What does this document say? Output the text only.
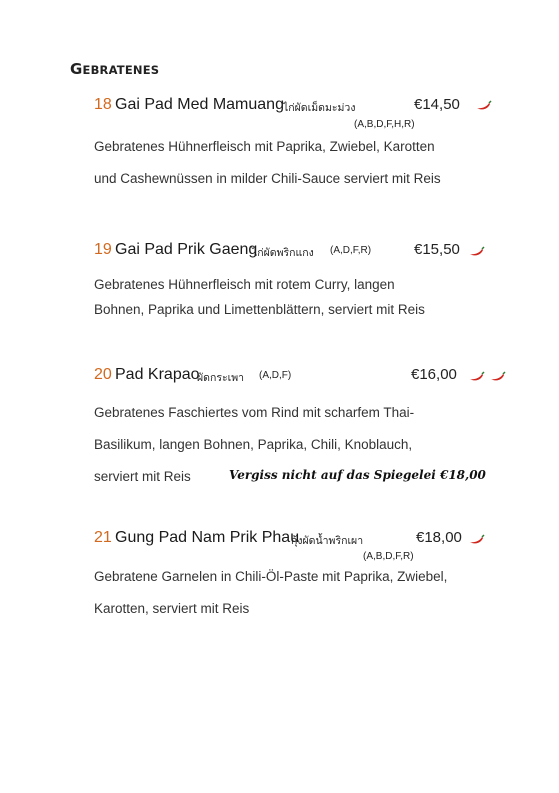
GEBRATENES
18 Gai Pad Med Mamuang ไก่ผัดเม็ดมะม่วง	€14,50
(A,B,D,F,H,R)
Gebratenes Hühnerfleisch mit Paprika, Zwiebel, Karotten
und Cashewnüssen in milder Chili-Sauce serviert mit Reis
19 Gai Pad Prik Gaeng
ไก่ผัดพริกแกง (A,D,F,R)	€15,50
Gebratenes Hühnerfleisch mit rotem Curry, langen
Bohnen, Paprika und Limettenblättern, serviert mit Reis
20 Pad Krapao
ผัดกระเพา (A,D,F)	€16,00
Gebratenes Faschiertes vom Rind mit scharfem Thai-
Basilikum, langen Bohnen, Paprika, Chili, Knoblauch,
serviert mit Reis	Vergiss nicht auf das Spiegelei €18,00
21 Gung Pad Nam Prik Phau
กุ้งผัดน้ำพริกเผา	€18,00
(A,B,D,F,R)
Gebratene Garnelen in Chili-Öl-Paste mit Paprika, Zwiebel,
Karotten, serviert mit Reis
